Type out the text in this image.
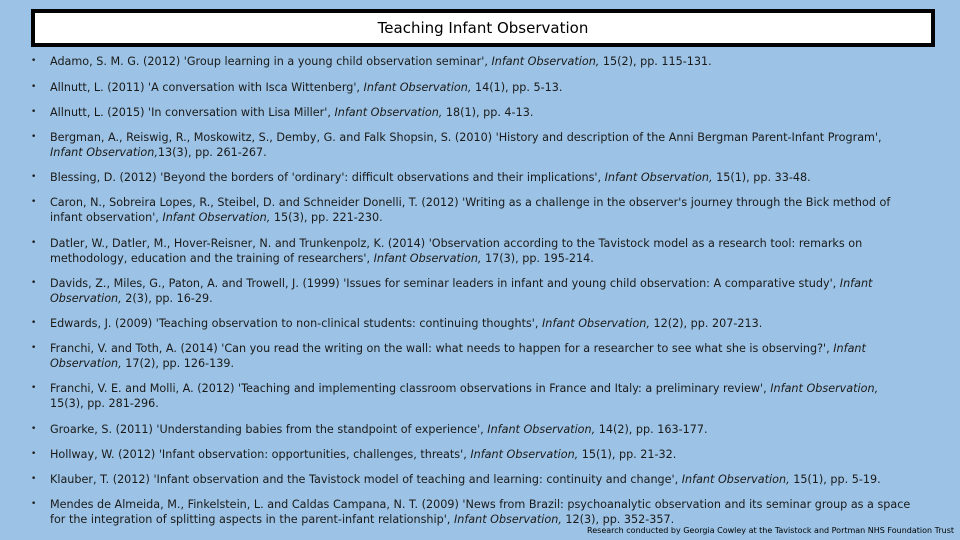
Teaching Infant Observation
• Adamo, S. M. G. (2012) 'Group learning in a young child observation seminar', Infant Observation, 15(2), pp. 115-131.
• Allnutt, L. (2011) 'A conversation with Isca Wittenberg', Infant Observation, 14(1), pp. 5-13.
• Allnutt, L. (2015) 'In conversation with Lisa Miller', Infant Observation, 18(1), pp. 4-13.
• Bergman, A., Reiswig, R., Moskowitz, S., Demby, G. and Falk Shopsin, S. (2010) 'History and description of the Anni Bergman Parent-Infant Program', Infant Observation,13(3), pp. 261-267.
• Blessing, D. (2012) 'Beyond the borders of 'ordinary': difficult observations and their implications', Infant Observation, 15(1), pp. 33-48.
• Caron, N., Sobreira Lopes, R., Steibel, D. and Schneider Donelli, T. (2012) 'Writing as a challenge in the observer's journey through the Bick method of infant observation', Infant Observation, 15(3), pp. 221-230.
• Datler, W., Datler, M., Hover-Reisner, N. and Trunkenpolz, K. (2014) 'Observation according to the Tavistock model as a research tool: remarks on methodology, education and the training of researchers', Infant Observation, 17(3), pp. 195-214.
• Davids, Z., Miles, G., Paton, A. and Trowell, J. (1999) 'Issues for seminar leaders in infant and young child observation: A comparative study', Infant Observation, 2(3), pp. 16-29.
• Edwards, J. (2009) 'Teaching observation to non-clinical students: continuing thoughts', Infant Observation, 12(2), pp. 207-213.
• Franchi, V. and Toth, A. (2014) 'Can you read the writing on the wall: what needs to happen for a researcher to see what she is observing?', Infant Observation, 17(2), pp. 126-139.
• Franchi, V. E. and Molli, A. (2012) 'Teaching and implementing classroom observations in France and Italy: a preliminary review', Infant Observation, 15(3), pp. 281-296.
• Groarke, S. (2011) 'Understanding babies from the standpoint of experience', Infant Observation, 14(2), pp. 163-177.
• Hollway, W. (2012) 'Infant observation: opportunities, challenges, threats', Infant Observation, 15(1), pp. 21-32.
• Klauber, T. (2012) 'Infant observation and the Tavistock model of teaching and learning: continuity and change', Infant Observation, 15(1), pp. 5-19.
• Mendes de Almeida, M., Finkelstein, L. and Caldas Campana, N. T. (2009) 'News from Brazil: psychoanalytic observation and its seminar group as a space for the integration of splitting aspects in the parent-infant relationship', Infant Observation, 12(3), pp. 352-357.
Research conducted by Georgia Cowley at the Tavistock and Portman NHS Foundation Trust
